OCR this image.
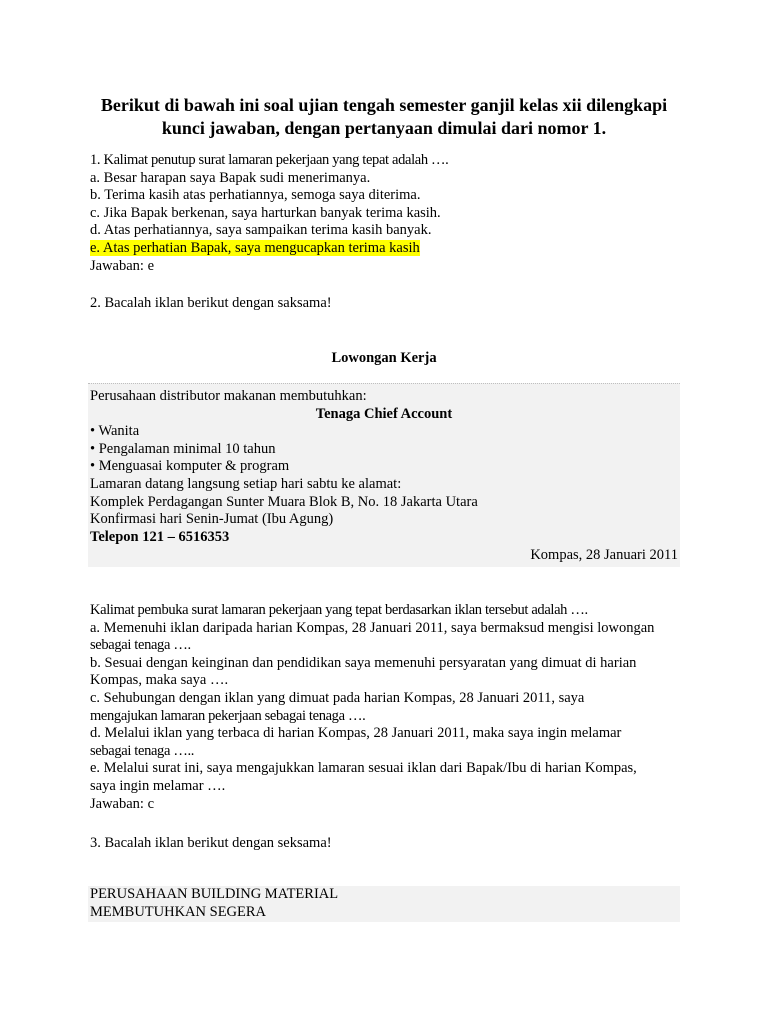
Berikut di bawah ini soal ujian tengah semester ganjil kelas xii dilengkapi
kunci jawaban, dengan pertanyaan dimulai dari nomor 1.
1. Kalimat penutup surat lamaran pekerjaan yang tepat adalah ….
a. Besar harapan saya Bapak sudi menerimanya.
b. Terima kasih atas perhatiannya, semoga saya diterima.
c. Jika Bapak berkenan, saya harturkan banyak terima kasih.
d. Atas perhatiannya, saya sampaikan terima kasih banyak.
e. Atas perhatian Bapak, saya mengucapkan terima kasih
Jawaban: e
2. Bacalah iklan berikut dengan saksama!
Lowongan Kerja
Perusahaan distributor makanan membutuhkan:
Tenaga Chief Account
• Wanita
• Pengalaman minimal 10 tahun
• Menguasai komputer & program
Lamaran datang langsung setiap hari sabtu ke alamat:
Komplek Perdagangan Sunter Muara Blok B, No. 18 Jakarta Utara
Konfirmasi hari Senin-Jumat (Ibu Agung)
Telepon 121 – 6516353
Kompas, 28 Januari 2011
Kalimat pembuka surat lamaran pekerjaan yang tepat berdasarkan iklan tersebut adalah ….
a. Memenuhi iklan daripada harian Kompas, 28 Januari 2011, saya bermaksud mengisi lowongan
sebagai tenaga ….
b. Sesuai dengan keinginan dan pendidikan saya memenuhi persyaratan yang dimuat di harian
Kompas, maka saya ….
c. Sehubungan dengan iklan yang dimuat pada harian Kompas, 28 Januari 2011, saya
mengajukan lamaran pekerjaan sebagai tenaga ….
d. Melalui iklan yang terbaca di harian Kompas, 28 Januari 2011, maka saya ingin melamar
sebagai tenaga …..
e. Melalui surat ini, saya mengajukkan lamaran sesuai iklan dari Bapak/Ibu di harian Kompas,
saya ingin melamar ….
Jawaban: c
3. Bacalah iklan berikut dengan seksama!
PERUSAHAAN BUILDING MATERIAL
MEMBUTUHKAN SEGERA
